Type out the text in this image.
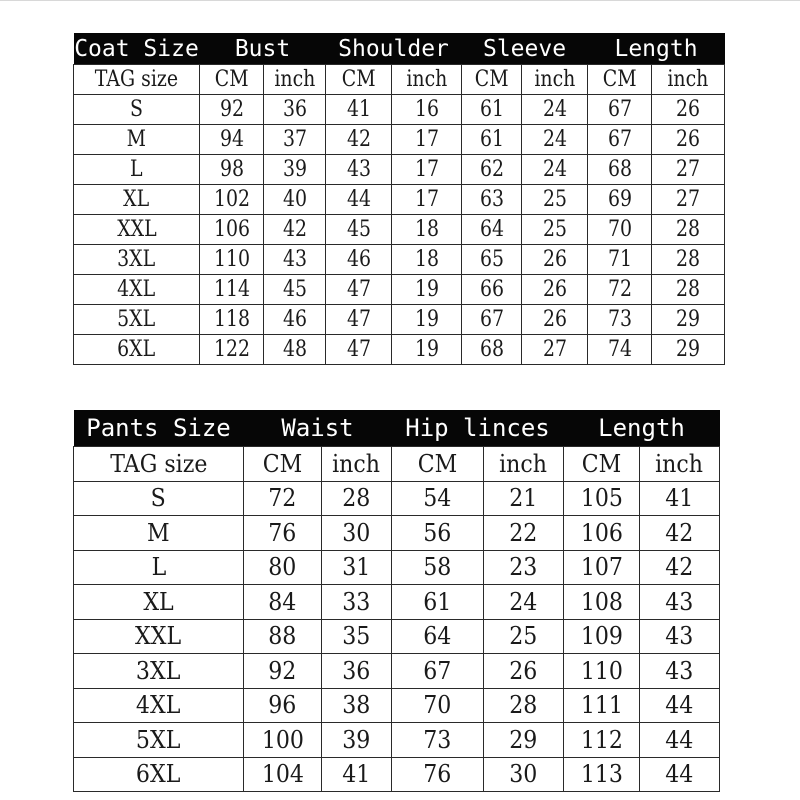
Coat Size	Bust		Shoulder		Sleeve		Length	
TAG size	CM	inch	CM	inch	CM	inch	CM	inch
S	92	36	41	16	61	24	67	26
M	94	37	42	17	61	24	67	26
L	98	39	43	17	62	24	68	27
XL	102	40	44	17	63	25	69	27
XXL	106	42	45	18	64	25	70	28
3XL	110	43	46	18	65	26	71	28
4XL	114	45	47	19	66	26	72	28
5XL	118	46	47	19	67	26	73	29
6XL	122	48	47	19	68	27	74	29
Pants Size	Waist		Hip linces		Length	
TAG size	CM	inch	CM	inch	CM	inch
S	72	28	54	21	105	41
M	76	30	56	22	106	42
L	80	31	58	23	107	42
XL	84	33	61	24	108	43
XXL	88	35	64	25	109	43
3XL	92	36	67	26	110	43
4XL	96	38	70	28	111	44
5XL	100	39	73	29	112	44
6XL	104	41	76	30	113	44
